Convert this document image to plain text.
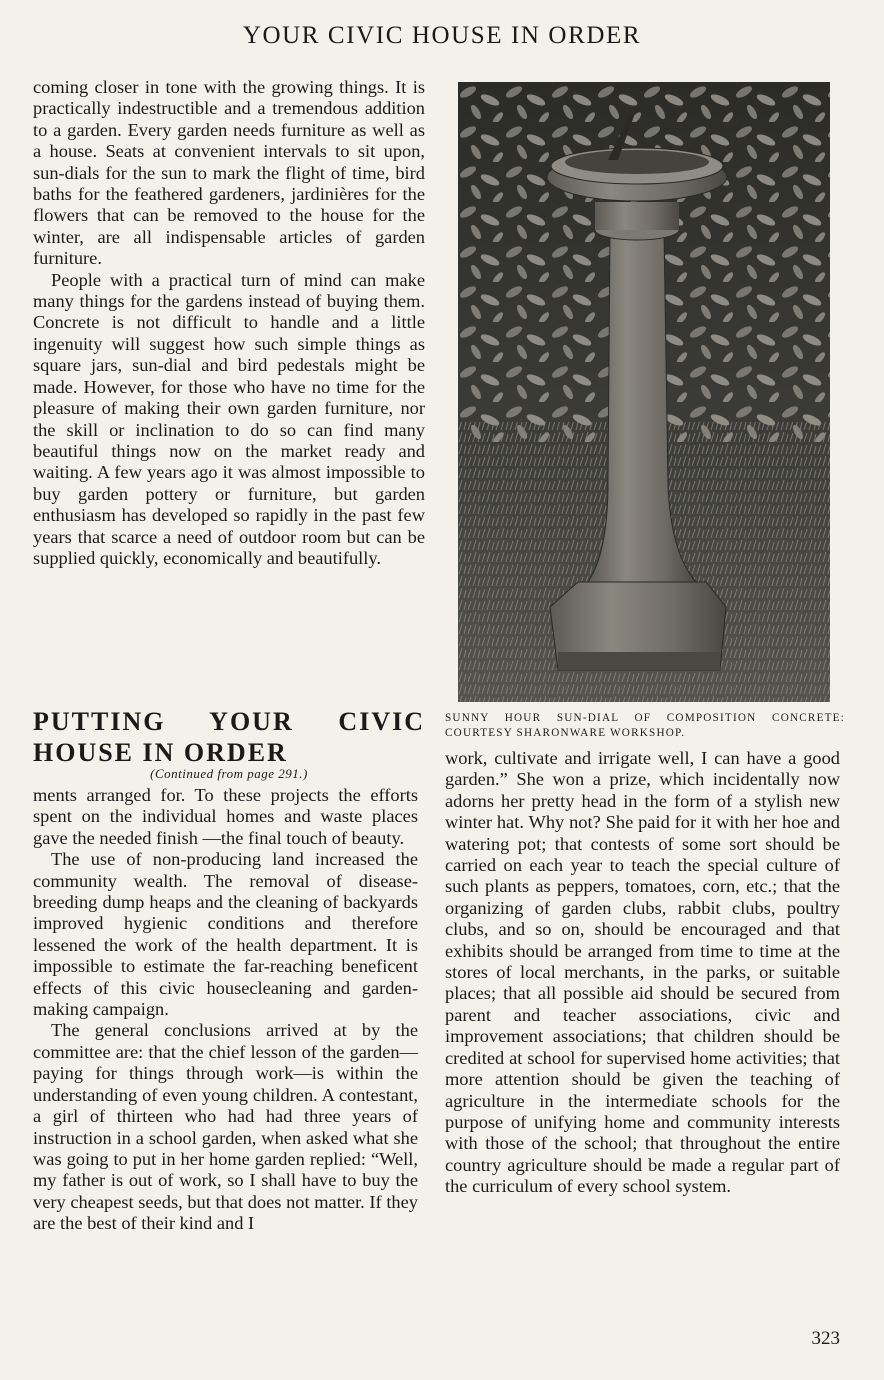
YOUR CIVIC HOUSE IN ORDER

coming closer in tone with the growing things. It is practically indestructible and a tremendous addition to a garden. Every garden needs furniture as well as a house. Seats at convenient intervals to sit upon, sun-dials for the sun to mark the flight of time, bird baths for the feathered gardeners, jardinières for the flowers that can be removed to the house for the winter, are all indispensable articles of garden furniture.

People with a practical turn of mind can make many things for the gardens instead of buying them. Concrete is not difficult to handle and a little ingenuity will suggest how such simple things as square jars, sun-dial and bird pedestals might be made. However, for those who have no time for the pleasure of making their own garden furniture, nor the skill or inclination to do so can find many beautiful things now on the market ready and waiting. A few years ago it was almost impossible to buy garden pottery or furniture, but garden enthusiasm has developed so rapidly in the past few years that scarce a need of outdoor room but can be supplied quickly, economically and beautifully.

PUTTING YOUR CIVIC
HOUSE IN ORDER
(Continued from page 291.)

ments arranged for. To these projects the efforts spent on the individual homes and waste places gave the needed finish —the final touch of beauty.

The use of non-producing land increased the community wealth. The removal of disease-breeding dump heaps and the cleaning of backyards improved hygienic conditions and therefore lessened the work of the health department. It is impossible to estimate the far-reaching beneficent effects of this civic housecleaning and garden-making campaign.

The general conclusions arrived at by the committee are: that the chief lesson of the garden—paying for things through work—is within the understanding of even young children. A contestant, a girl of thirteen who had had three years of instruction in a school garden, when asked what she was going to put in her home garden replied: “Well, my father is out of work, so I shall have to buy the very cheapest seeds, but that does not matter. If they are the best of their kind and I

SUNNY HOUR SUN-DIAL OF COMPOSITION CONCRETE: COURTESY SHARONWARE WORKSHOP.

work, cultivate and irrigate well, I can have a good garden.” She won a prize, which incidentally now adorns her pretty head in the form of a stylish new winter hat. Why not? She paid for it with her hoe and watering pot; that contests of some sort should be carried on each year to teach the special culture of such plants as peppers, tomatoes, corn, etc.; that the organizing of garden clubs, rabbit clubs, poultry clubs, and so on, should be encouraged and that exhibits should be arranged from time to time at the stores of local merchants, in the parks, or suitable places; that all possible aid should be secured from parent and teacher associations, civic and improvement associations; that children should be credited at school for supervised home activities; that more attention should be given the teaching of agriculture in the intermediate schools for the purpose of unifying home and community interests with those of the school; that throughout the entire country agriculture should be made a regular part of the curriculum of every school system.

323
